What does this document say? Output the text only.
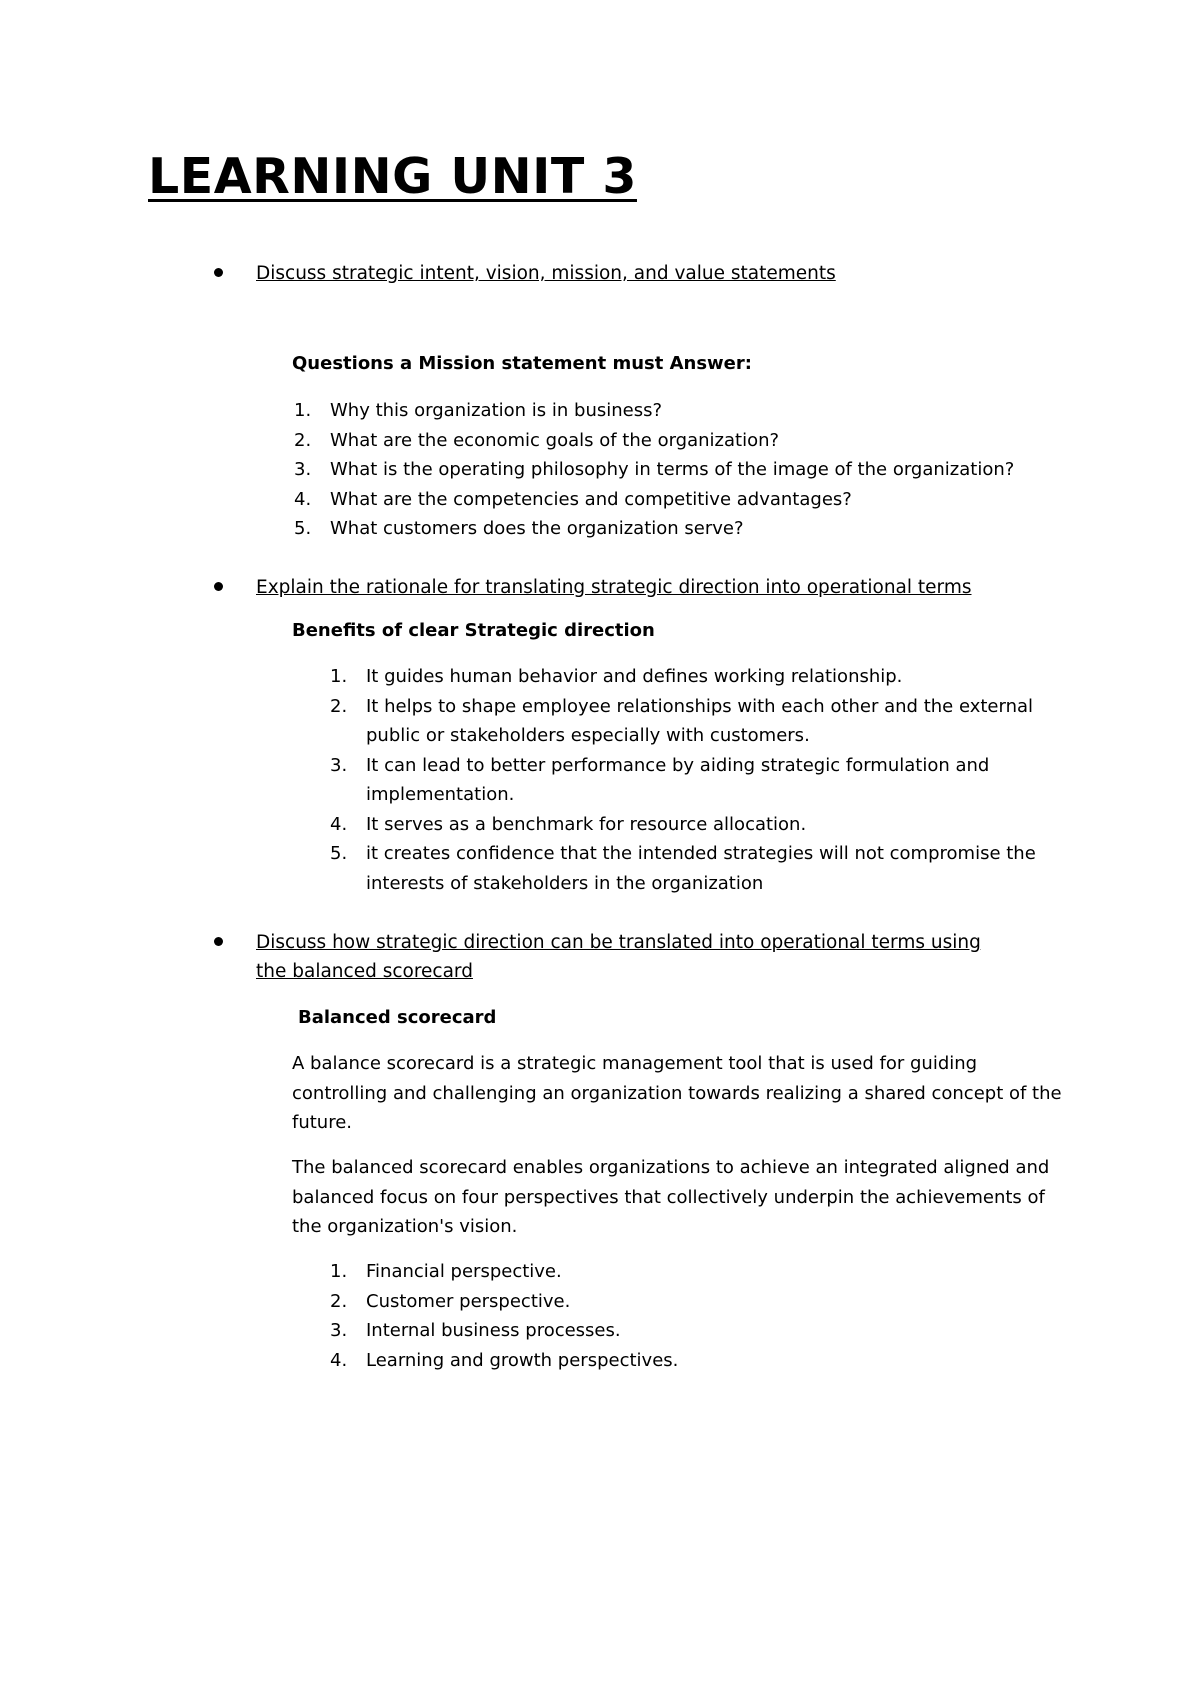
LEARNING UNIT 3
Discuss strategic intent, vision, mission, and value statements

Questions a Mission statement must Answer:

1.	Why this organization is in business?
2.	What are the economic goals of the organization?
3.	What is the operating philosophy in terms of the image of the organization?
4.	What are the competencies and competitive advantages?
5.	What customers does the organization serve?
Explain the rationale for translating strategic direction into operational terms

Benefits of clear Strategic direction

1.	It guides human behavior and defines working relationship.
2.	It helps to shape employee relationships with each other and the external public or stakeholders especially with customers.
3.	It can lead to better performance by aiding strategic formulation and implementation.
4.	It serves as a benchmark for resource allocation.
5.	it creates confidence that the intended strategies will not compromise the interests of stakeholders in the organization
Discuss how strategic direction can be translated into operational terms using the balanced scorecard

Balanced scorecard

A balance scorecard is a strategic management tool that is used for guiding controlling and challenging an organization towards realizing a shared concept of the future.

The balanced scorecard enables organizations to achieve an integrated aligned and balanced focus on four perspectives that collectively underpin the achievements of the organization's vision.

1.	Financial perspective.
2.	Customer perspective.
3.	Internal business processes.
4.	Learning and growth perspectives.
